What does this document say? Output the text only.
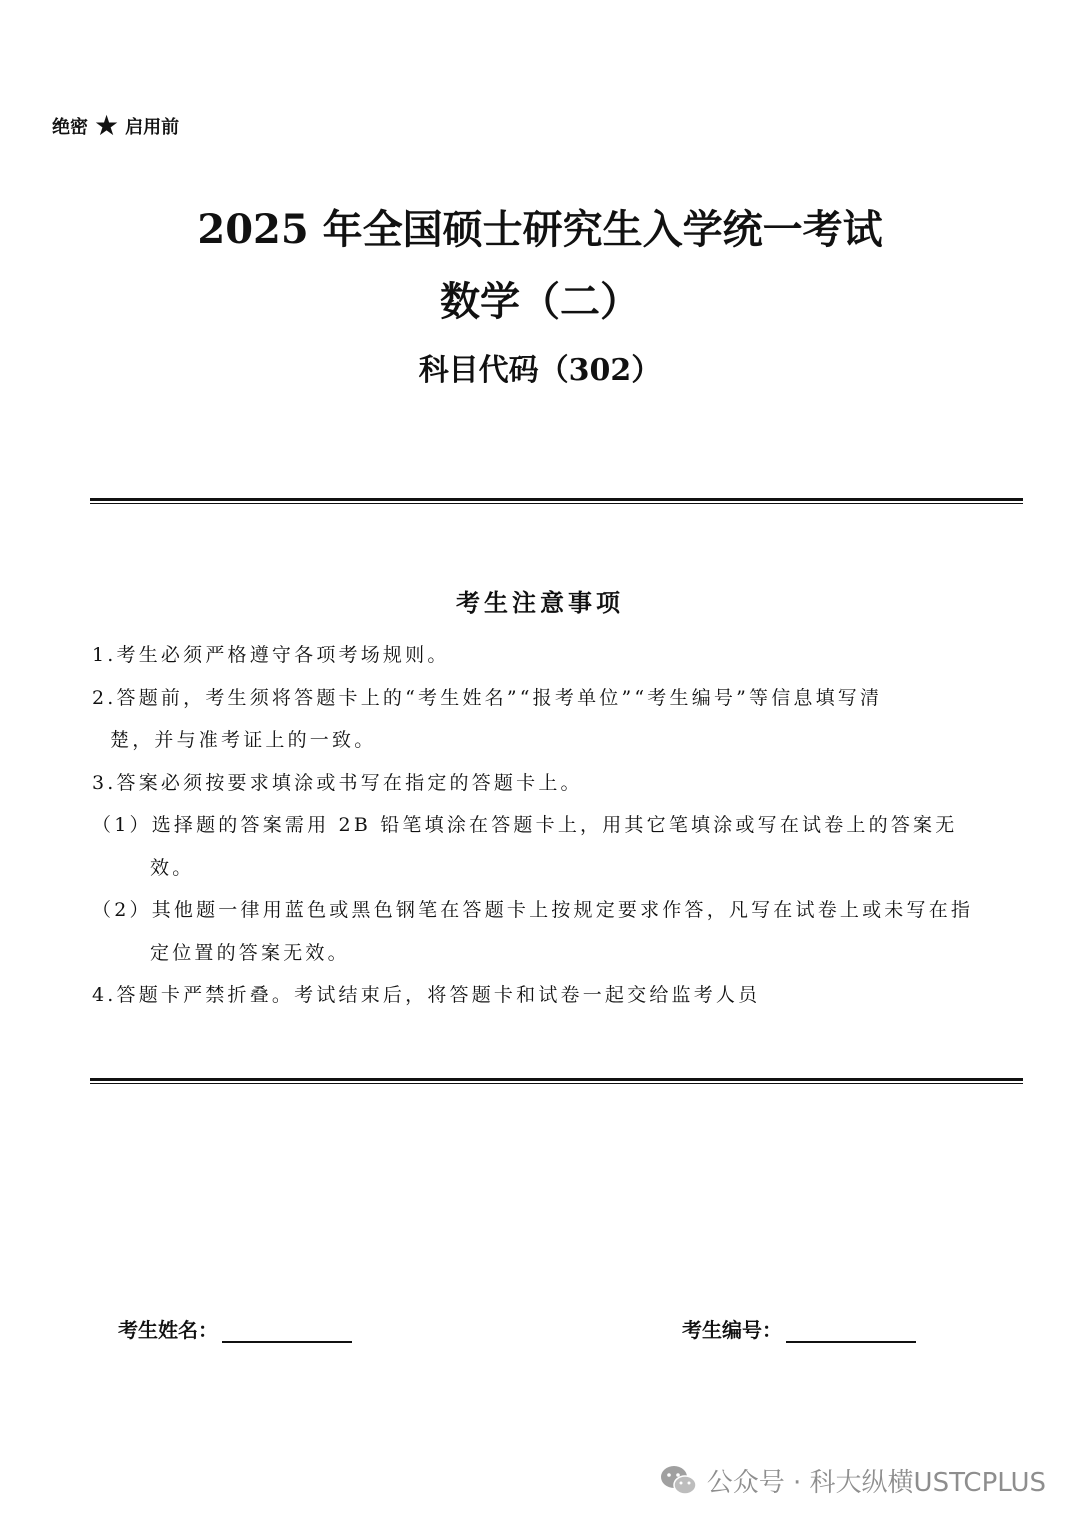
绝密 ★ 启用前
2025 年全国硕士研究生入学统一考试
数学（二）
科目代码（302）
考生注意事项
1.考生必须严格遵守各项考场规则。
2.答题前，考生须将答题卡上的“考生姓名”“报考单位”“考生编号”等信息填写清
楚，并与准考证上的一致。
3.答案必须按要求填涂或书写在指定的答题卡上。
（1）选择题的答案需用 2B 铅笔填涂在答题卡上，用其它笔填涂或写在试卷上的答案无
效。
（2）其他题一律用蓝色或黑色钢笔在答题卡上按规定要求作答，凡写在试卷上或未写在指
定位置的答案无效。
4.答题卡严禁折叠。考试结束后，将答题卡和试卷一起交给监考人员
考生姓名：	考生编号：
公众号 · 科大纵横USTCPLUS
